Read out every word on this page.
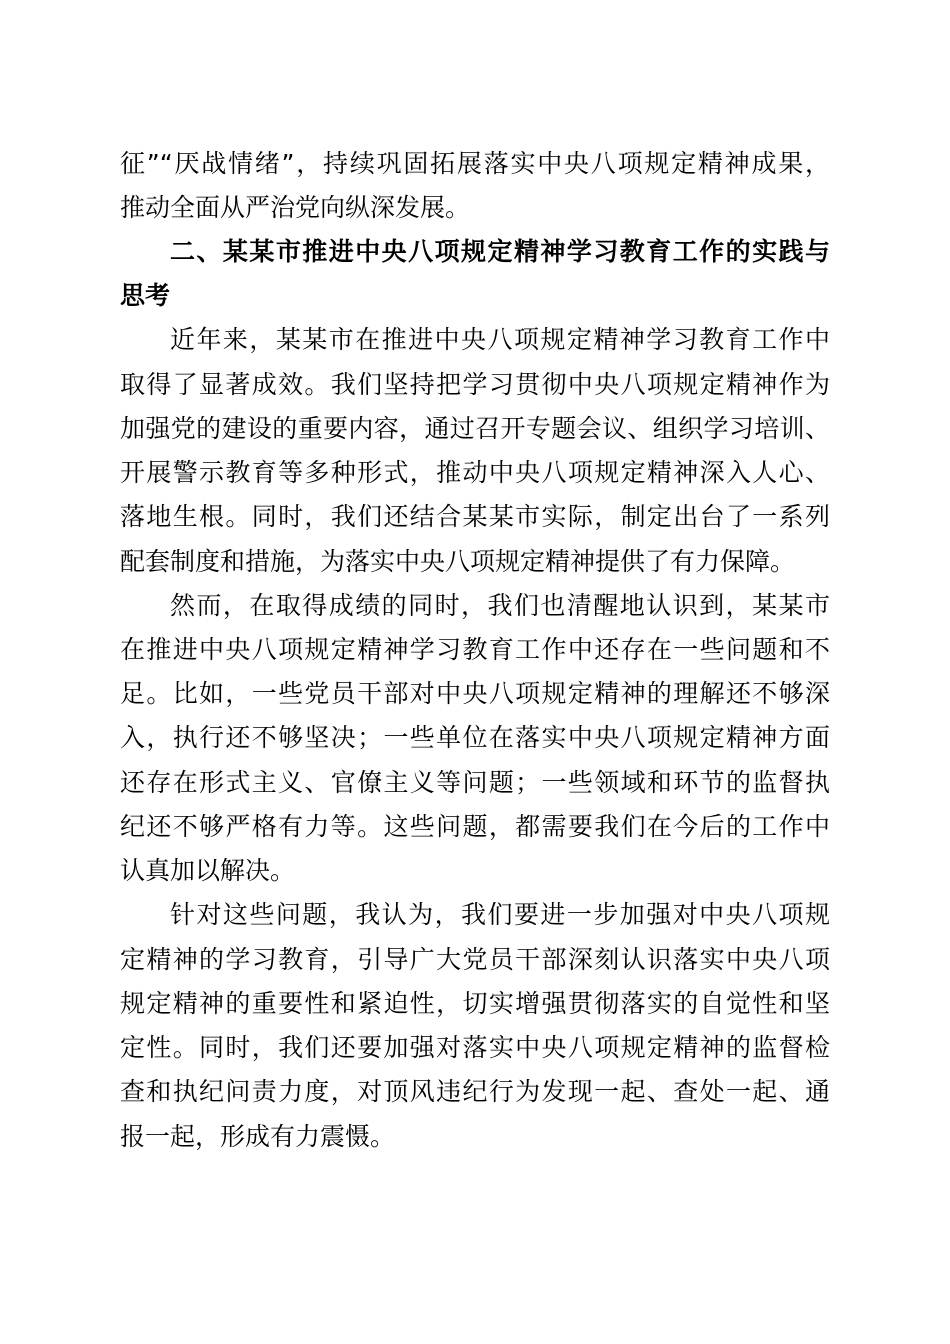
征”“厌战情绪”，持续巩固拓展落实中央八项规定精神成果，
推动全面从严治党向纵深发展。
二、某某市推进中央八项规定精神学习教育工作的实践与
思考
近年来，某某市在推进中央八项规定精神学习教育工作中
取得了显著成效。我们坚持把学习贯彻中央八项规定精神作为
加强党的建设的重要内容，通过召开专题会议、组织学习培训、
开展警示教育等多种形式，推动中央八项规定精神深入人心、
落地生根。同时，我们还结合某某市实际，制定出台了一系列
配套制度和措施，为落实中央八项规定精神提供了有力保障。
然而，在取得成绩的同时，我们也清醒地认识到，某某市
在推进中央八项规定精神学习教育工作中还存在一些问题和不
足。比如，一些党员干部对中央八项规定精神的理解还不够深
入，执行还不够坚决；一些单位在落实中央八项规定精神方面
还存在形式主义、官僚主义等问题；一些领域和环节的监督执
纪还不够严格有力等。这些问题，都需要我们在今后的工作中
认真加以解决。
针对这些问题，我认为，我们要进一步加强对中央八项规
定精神的学习教育，引导广大党员干部深刻认识落实中央八项
规定精神的重要性和紧迫性，切实增强贯彻落实的自觉性和坚
定性。同时，我们还要加强对落实中央八项规定精神的监督检
查和执纪问责力度，对顶风违纪行为发现一起、查处一起、通
报一起，形成有力震慑。
